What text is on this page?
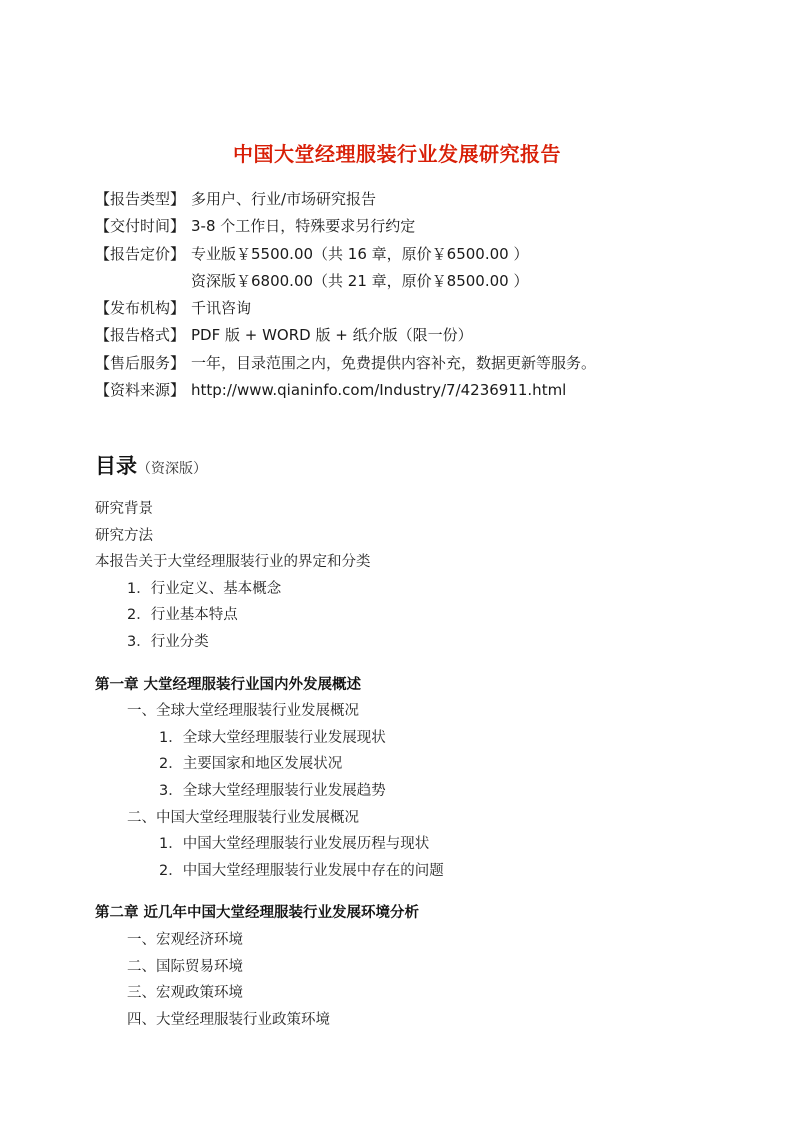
中国大堂经理服装行业发展研究报告
【报告类型】 多用户、行业/市场研究报告
【交付时间】 3-8 个工作日，特殊要求另行约定
【报告定价】 专业版￥5500.00（共 16 章，原价￥6500.00 ）
资深版￥6800.00（共 21 章，原价￥8500.00 ）
【发布机构】 千讯咨询
【报告格式】 PDF 版 + WORD 版 + 纸介版（限一份）
【售后服务】 一年，目录范围之内，免费提供内容补充，数据更新等服务。
【资料来源】 http://www.qianinfo.com/Industry/7/4236911.html
目录（资深版）
研究背景
研究方法
本报告关于大堂经理服装行业的界定和分类
1．行业定义、基本概念
2．行业基本特点
3．行业分类
第一章 大堂经理服装行业国内外发展概述
一、全球大堂经理服装行业发展概况
1．全球大堂经理服装行业发展现状
2．主要国家和地区发展状况
3．全球大堂经理服装行业发展趋势
二、中国大堂经理服装行业发展概况
1．中国大堂经理服装行业发展历程与现状
2．中国大堂经理服装行业发展中存在的问题
第二章 近几年中国大堂经理服装行业发展环境分析
一、宏观经济环境
二、国际贸易环境
三、宏观政策环境
四、大堂经理服装行业政策环境
